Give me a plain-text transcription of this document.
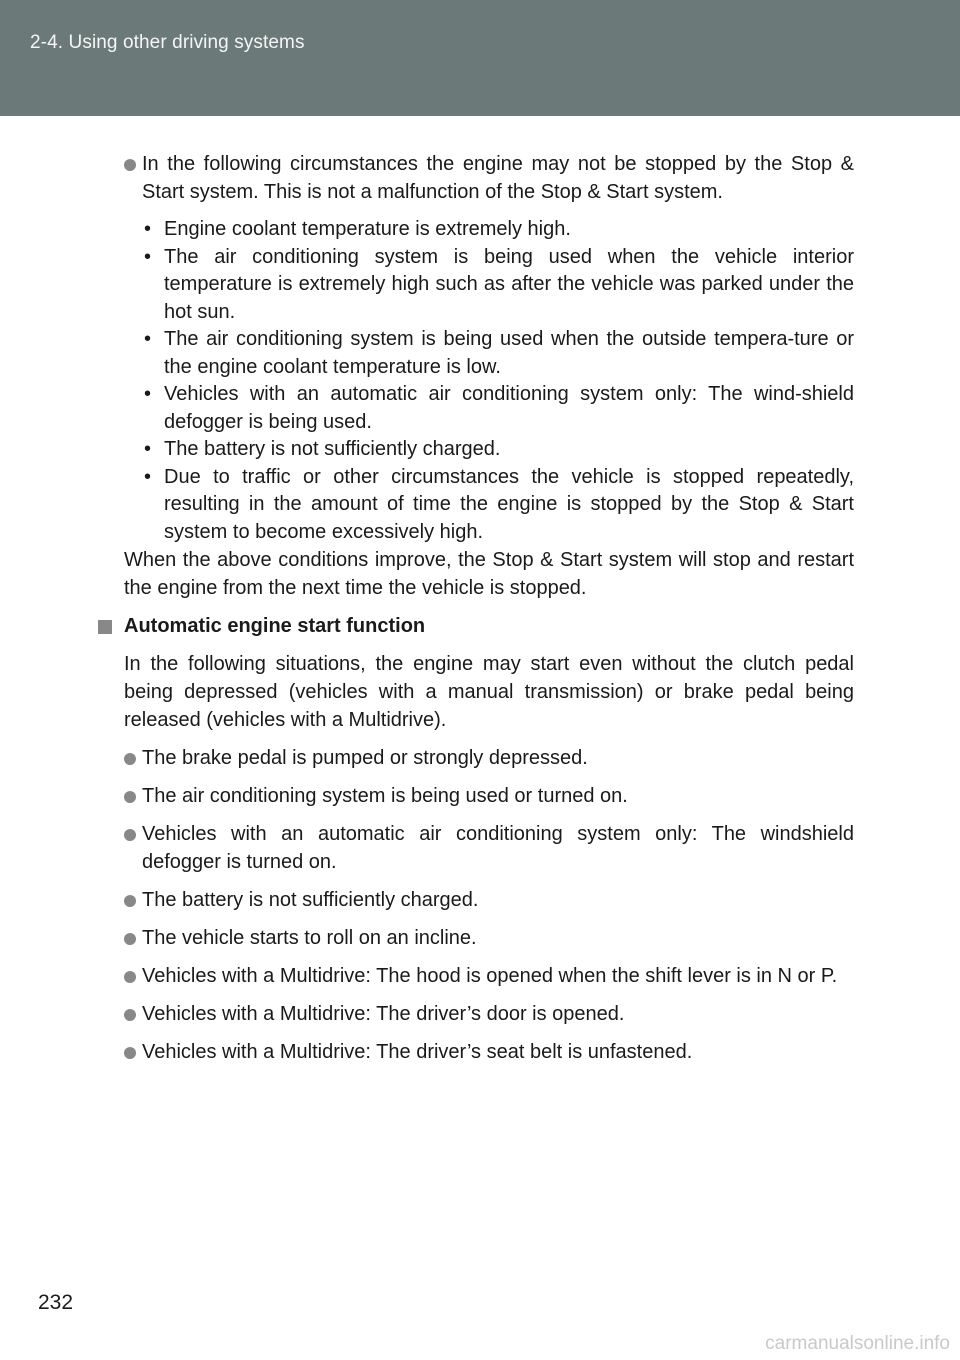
2-4. Using other driving systems
In the following circumstances the engine may not be stopped by the Stop & Start system. This is not a malfunction of the Stop & Start system.
• Engine coolant temperature is extremely high.
• The air conditioning system is being used when the vehicle interior temperature is extremely high such as after the vehicle was parked under the hot sun.
• The air conditioning system is being used when the outside tempera-ture or the engine coolant temperature is low.
• Vehicles with an automatic air conditioning system only: The wind-shield defogger is being used.
• The battery is not sufficiently charged.
• Due to traffic or other circumstances the vehicle is stopped repeatedly, resulting in the amount of time the engine is stopped by the Stop & Start system to become excessively high.
When the above conditions improve, the Stop & Start system will stop and restart the engine from the next time the vehicle is stopped.
Automatic engine start function
In the following situations, the engine may start even without the clutch pedal being depressed (vehicles with a manual transmission) or brake pedal being released (vehicles with a Multidrive).
The brake pedal is pumped or strongly depressed.
The air conditioning system is being used or turned on.
Vehicles with an automatic air conditioning system only: The windshield defogger is turned on.
The battery is not sufficiently charged.
The vehicle starts to roll on an incline.
Vehicles with a Multidrive: The hood is opened when the shift lever is in N or P.
Vehicles with a Multidrive: The driver’s door is opened.
Vehicles with a Multidrive: The driver’s seat belt is unfastened.
232
carmanualsonline.info
